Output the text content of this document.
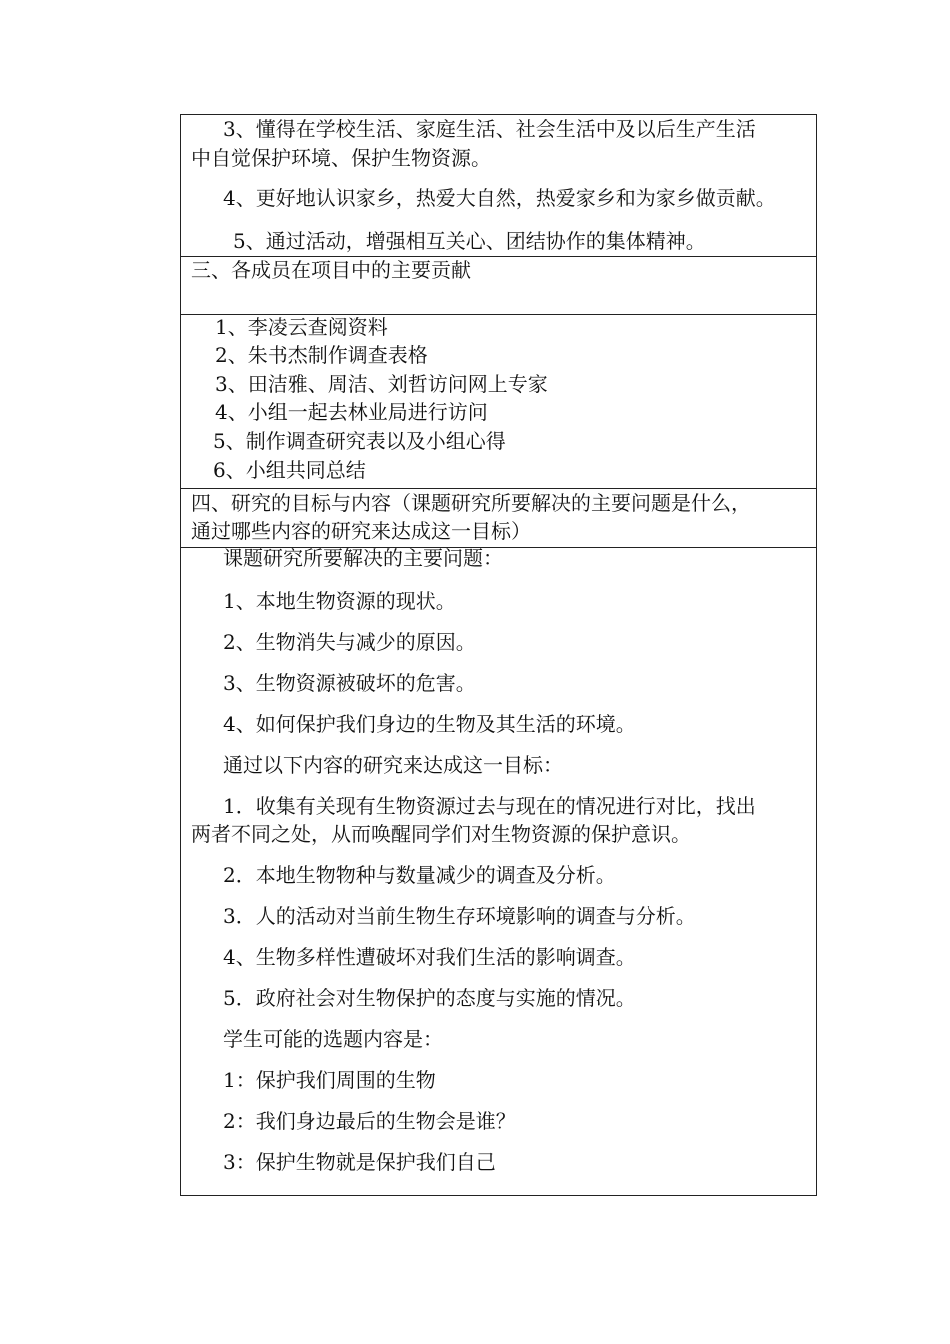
3、懂得在学校生活、家庭生活、社会生活中及以后生产生活
中自觉保护环境、保护生物资源。
4、更好地认识家乡，热爱大自然，热爱家乡和为家乡做贡献。
5、通过活动，增强相互关心、团结协作的集体精神。
三、各成员在项目中的主要贡献
1、李凌云查阅资料
2、朱书杰制作调查表格
3、田洁雅、周洁、刘哲访问网上专家
4、小组一起去林业局进行访问
5、制作调查研究表以及小组心得
6、小组共同总结
四、研究的目标与内容（课题研究所要解决的主要问题是什么，
通过哪些内容的研究来达成这一目标）
课题研究所要解决的主要问题：
1、本地生物资源的现状。
2、生物消失与减少的原因。
3、生物资源被破坏的危害。
4、如何保护我们身边的生物及其生活的环境。
通过以下内容的研究来达成这一目标：
1．收集有关现有生物资源过去与现在的情况进行对比，找出
两者不同之处，从而唤醒同学们对生物资源的保护意识。
2．本地生物物种与数量减少的调查及分析。
3．人的活动对当前生物生存环境影响的调查与分析。
4、生物多样性遭破坏对我们生活的影响调查。
5．政府社会对生物保护的态度与实施的情况。
学生可能的选题内容是：
1：保护我们周围的生物
2：我们身边最后的生物会是谁？
3：保护生物就是保护我们自己
